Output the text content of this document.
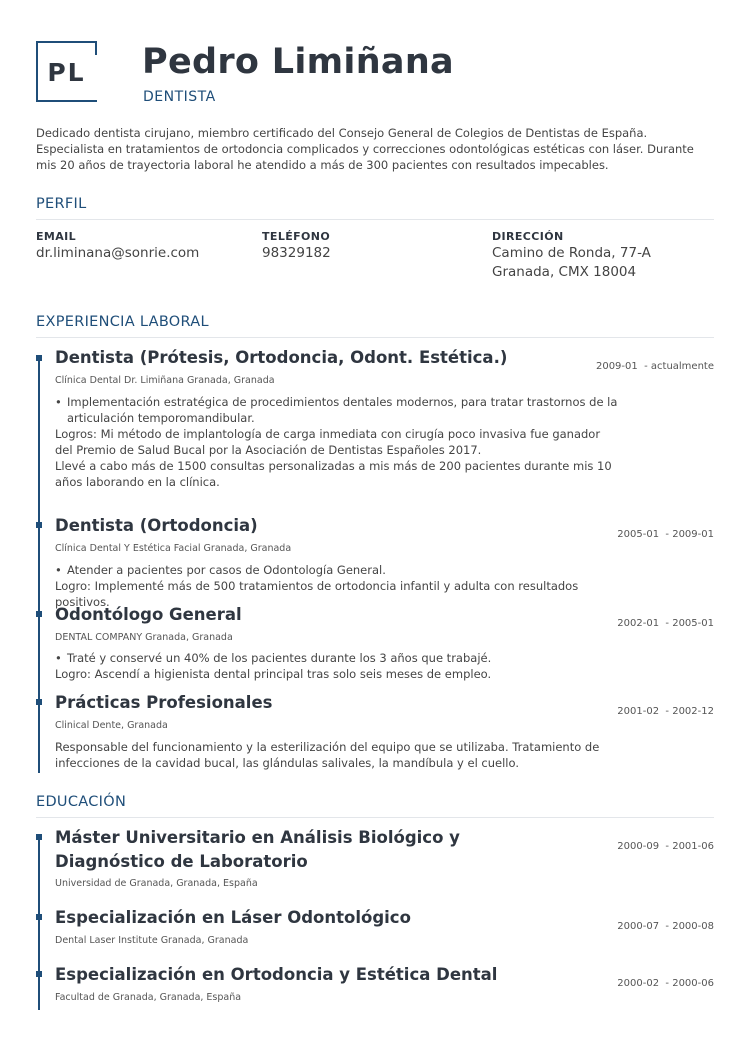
PL	Pedro Limiñana
DENTISTA
Dedicado dentista cirujano, miembro certificado del Consejo General de Colegios de Dentistas de España. Especialista en tratamientos de ortodoncia complicados y correcciones odontológicas estéticas con láser. Durante mis 20 años de trayectoria laboral he atendido a más de 300 pacientes con resultados impecables.
PERFIL
EMAIL
dr.liminana@sonrie.com
TELÉFONO
98329182
DIRECCIÓN
Camino de Ronda, 77-A
Granada, CMX 18004
EXPERIENCIA LABORAL
Dentista (Prótesis, Ortodoncia, Odont. Estética.)	2009-01  - actualmente
Clínica Dental Dr. Limiñana Granada, Granada
• Implementación estratégica de procedimientos dentales modernos, para tratar trastornos de la articulación temporomandibular.
Logros: Mi método de implantología de carga inmediata con cirugía poco invasiva fue ganador del Premio de Salud Bucal por la Asociación de Dentistas Españoles 2017.
Llevé a cabo más de 1500 consultas personalizadas a mis más de 200 pacientes durante mis 10 años laborando en la clínica.
Dentista (Ortodoncia)	2005-01  - 2009-01
Clínica Dental Y Estética Facial Granada, Granada
• Atender a pacientes por casos de Odontología General.
Logro: Implementé más de 500 tratamientos de ortodoncia infantil y adulta con resultados positivos.
Odontólogo General	2002-01  - 2005-01
DENTAL COMPANY Granada, Granada
• Traté y conservé un 40% de los pacientes durante los 3 años que trabajé.
Logro: Ascendí a higienista dental principal tras solo seis meses de empleo.
Prácticas Profesionales	2001-02  - 2002-12
Clinical Dente, Granada
Responsable del funcionamiento y la esterilización del equipo que se utilizaba. Tratamiento de infecciones de la cavidad bucal, las glándulas salivales, la mandíbula y el cuello.
EDUCACIÓN
Máster Universitario en Análisis Biológico y Diagnóstico de Laboratorio
2000-09  - 2001-06
Universidad de Granada, Granada, España
Especialización en Láser Odontológico	2000-07  - 2000-08
Dental Laser Institute Granada, Granada
Especialización en Ortodoncia y Estética Dental	2000-02  - 2000-06
Facultad de Granada, Granada, España
